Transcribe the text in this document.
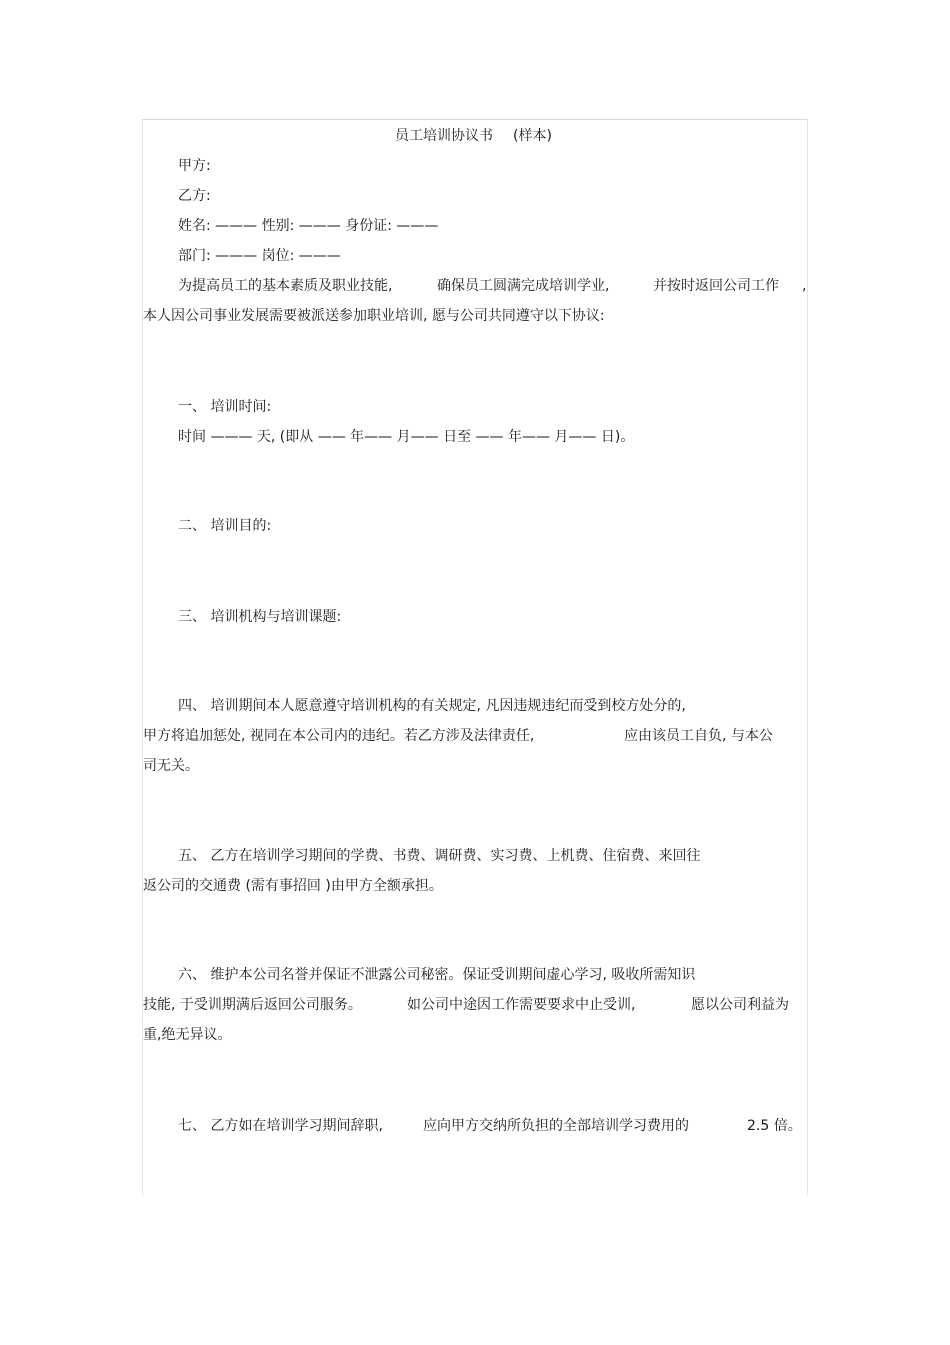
员工培训协议书 (样本)
甲方:
乙方:
姓名: ——— 性别: ——— 身份证: ———
部门: ——— 岗位: ———
为提高员工的基本素质及职业技能,	确保员工圆满完成培训学业,	并按时返回公司工作 ,
本人因公司事业发展需要被派送参加职业培训, 愿与公司共同遵守以下协议:
一、 培训时间:
时间 ——— 天, (即从 —— 年—— 月—— 日至 —— 年—— 月—— 日)。
二、 培训目的:
三、 培训机构与培训课题:
四、 培训期间本人愿意遵守培训机构的有关规定, 凡因违规违纪而受到校方处分的,
甲方将追加惩处, 视同在本公司内的违纪。若乙方涉及法律责任,	应由该员工自负, 与本公
司无关。
五、 乙方在培训学习期间的学费、书费、调研费、实习费、上机费、住宿费、来回往
返公司的交通费 (需有事招回 )由甲方全额承担。
六、 维护本公司名誉并保证不泄露公司秘密。保证受训期间虚心学习, 吸收所需知识
技能, 于受训期满后返回公司服务。	如公司中途因工作需要要求中止受训,	愿以公司利益为
重,绝无异议。
七、 乙方如在培训学习期间辞职,	应向甲方交纳所负担的全部培训学习费用的	2.5 倍。
